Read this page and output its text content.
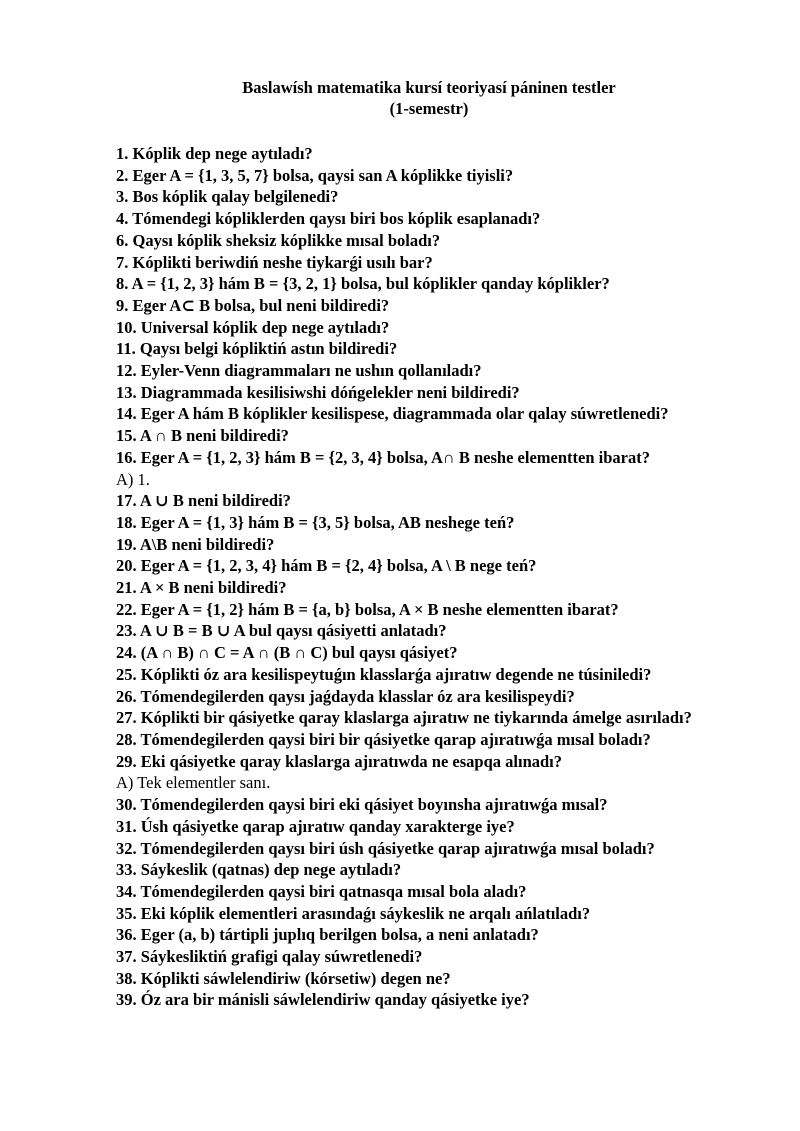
Baslawísh matematika kursí teoriyasí páninen testler
(1-semestr)
1. Kóplik dep nege aytıladı?
2. Eger A = {1, 3, 5, 7} bolsa, qaysi san A kóplikke tiyisli?
3. Bos kóplik qalay belgilenedi?
4. Tómendegi kópliklerden qaysı biri bos kóplik esaplanadı?
6. Qaysı kóplik sheksiz kóplikke mısal boladı?
7. Kóplikti beriwdiń neshe tiykarǵi usılı bar?
8. A = {1, 2, 3} hám B = {3, 2, 1} bolsa, bul kóplikler qanday kóplikler?
9. Eger A⊂ B bolsa, bul neni bildiredi?
10. Universal kóplik dep nege aytıladı?
11. Qaysı belgi kópliktiń astın bildiredi?
12. Eyler-Venn diagrammaları ne ushın qollanıladı?
13. Diagrammada kesilisiwshi dóńgelekler neni bildiredi?
14. Eger A hám B kóplikler kesilispese, diagrammada olar qalay súwretlenedi?
15. A ∩ B neni bildiredi?
16. Eger A = {1, 2, 3} hám B = {2, 3, 4} bolsa, A∩ B neshe elementten ibarat?
A) 1.
17. A ∪ B neni bildiredi?
18. Eger A = {1, 3} hám B = {3, 5} bolsa, AB neshege teń?
19. A\B neni bildiredi?
20. Eger A = {1, 2, 3, 4} hám B = {2, 4} bolsa, A \ B nege teń?
21. A × B neni bildiredi?
22. Eger A = {1, 2} hám B = {a, b} bolsa, A × B neshe elementten ibarat?
23. A ∪ B = B ∪ A bul qaysı qásiyetti anlatadı?
24. (A ∩ B) ∩ C = A ∩ (B ∩ C) bul qaysı qásiyet?
25. Kóplikti óz ara kesilispeytuǵın klasslarǵa ajıratıw degende ne túsiniledi?
26. Tómendegilerden qaysı jaǵdayda klasslar óz ara kesilispeydi?
27. Kóplikti bir qásiyetke qaray klaslarga ajıratıw ne tiykarında ámelge asırıladı?
28. Tómendegilerden qaysi biri bir qásiyetke qarap ajıratıwǵa mısal boladı?
29. Eki qásiyetke qaray klaslarga ajıratıwda ne esapqa alınadı?
A) Tek elementler sanı.
30. Tómendegilerden qaysi biri eki qásiyet boyınsha ajıratıwǵa mısal?
31. Úsh qásiyetke qarap ajıratıw qanday xarakterge iye?
32. Tómendegilerden qaysı biri úsh qásiyetke qarap ajıratıwǵa mısal boladı?
33. Sáykeslik (qatnas) dep nege aytıladı?
34. Tómendegilerden qaysi biri qatnasqa mısal bola aladı?
35. Eki kóplik elementleri arasındaǵı sáykeslik ne arqalı ańlatıladı?
36. Eger (a, b) tártipli juplıq berilgen bolsa, a neni anlatadı?
37. Sáykesliktiń grafigi qalay súwretlenedi?
38. Kóplikti sáwlelendiriw (kórsetiw) degen ne?
39. Óz ara bir mánisli sáwlelendiriw qanday qásiyetke iye?
